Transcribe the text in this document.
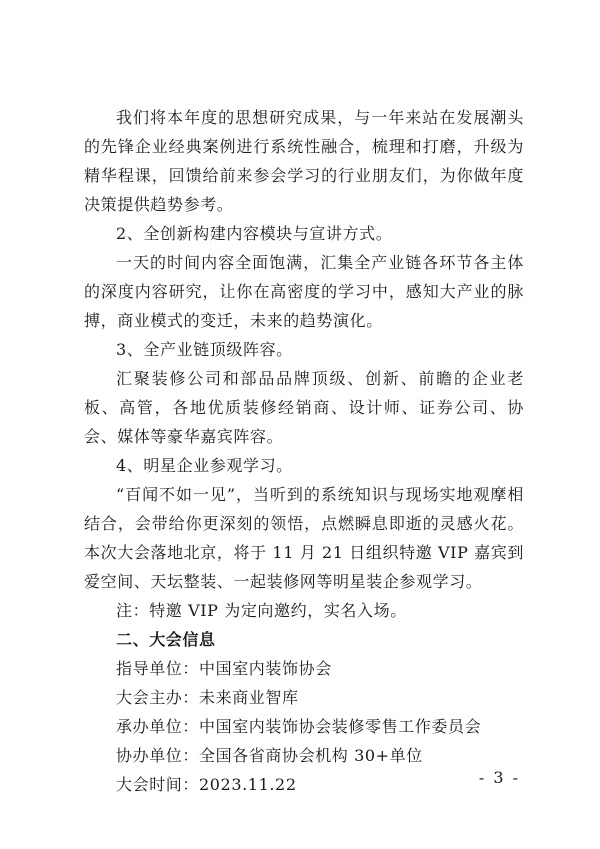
我们将本年度的思想研究成果，与一年来站在发展潮头的先锋企业经典案例进行系统性融合，梳理和打磨，升级为精华程课，回馈给前来参会学习的行业朋友们，为你做年度决策提供趋势参考。

2、全创新构建内容模块与宣讲方式。

一天的时间内容全面饱满，汇集全产业链各环节各主体的深度内容研究，让你在高密度的学习中，感知大产业的脉搏，商业模式的变迁，未来的趋势演化。

3、全产业链顶级阵容。

汇聚装修公司和部品品牌顶级、创新、前瞻的企业老板、高管，各地优质装修经销商、设计师、证券公司、协会、媒体等豪华嘉宾阵容。

4、明星企业参观学习。

“百闻不如一见”，当听到的系统知识与现场实地观摩相结合，会带给你更深刻的领悟，点燃瞬息即逝的灵感火花。本次大会落地北京，将于 11 月 21 日组织特邀 VIP 嘉宾到爱空间、天坛整装、一起装修网等明星装企参观学习。

注：特邀 VIP 为定向邀约，实名入场。

二、大会信息

指导单位：中国室内装饰协会

大会主办：未来商业智库

承办单位：中国室内装饰协会装修零售工作委员会

协办单位：全国各省商协会机构 30+单位

大会时间：2023.11.22	- 3 -
